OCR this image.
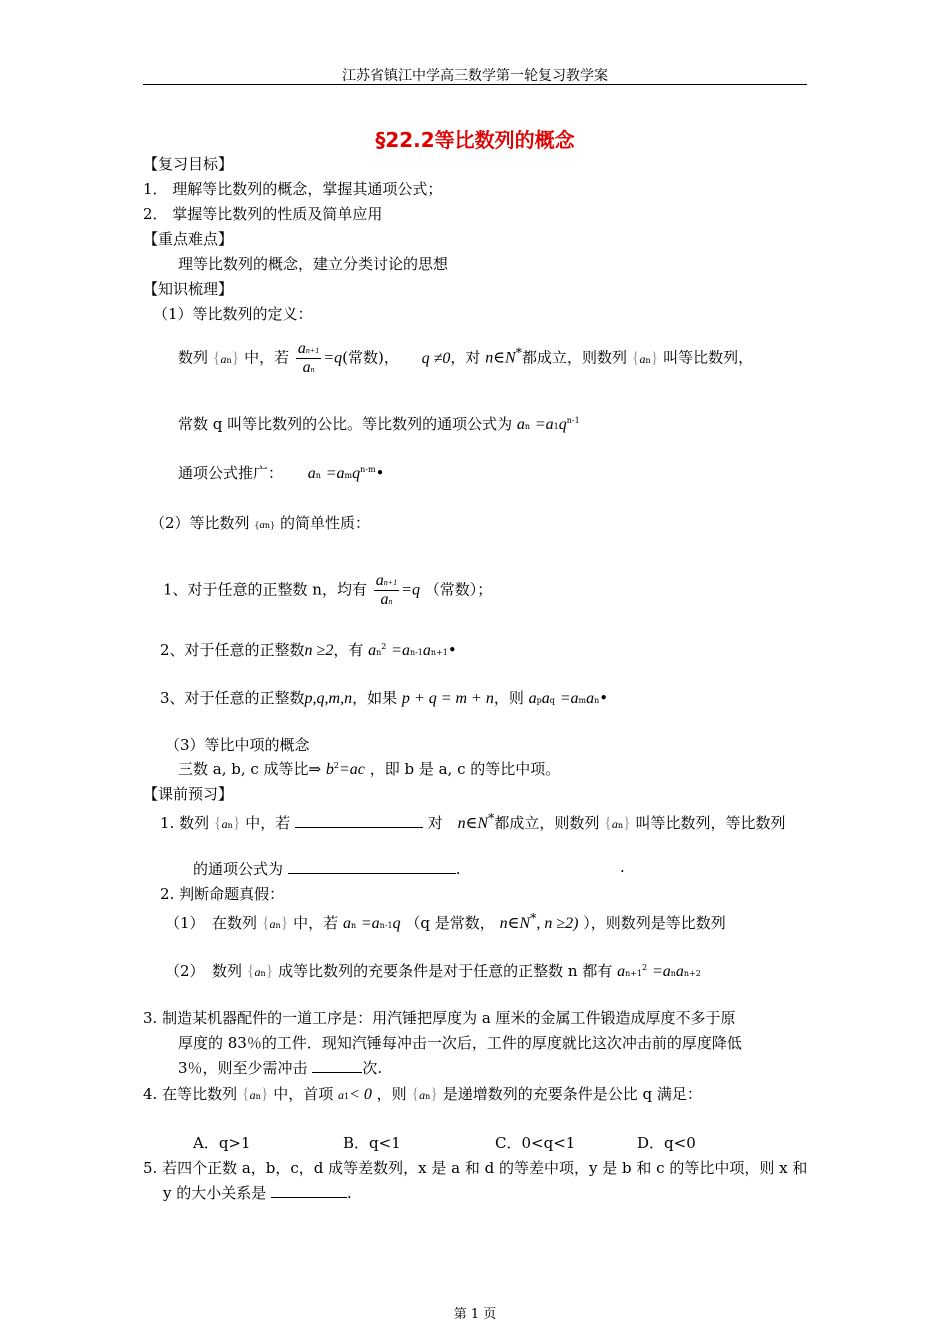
江苏省镇江中学高三数学第一轮复习教学案
§22.2等比数列的概念
【复习目标】
1． 理解等比数列的概念，掌握其通项公式；
2． 掌握等比数列的性质及简单应用
【重点难点】
理等比数列的概念，建立分类讨论的思想
【知识梳理】
（1）等比数列的定义：
数列 {an} 中，若 $\frac{an+1}{an} =q$(常数)， q ≠0，对 n∈N*都成立，则数列 {an} 叫等比数列，
常数 q 叫等比数列的公比。等比数列的通项公式为 an $=a1q^{n-1}$
通项公式推广： an =amq$^{n-m}$•
（2）等比数列 {an} 的简单性质：
1、对于任意的正整数 n，均有 $\frac{an+1}{an} =q$ （常数）；
2、对于任意的正整数n ≥2，有 $an^2$ =an-1an+1•
3、对于任意的正整数p,q,m,n，如果 p + q = m + n，则 apaq =aman•
（3）等比中项的概念
三数 a, b, c 成等比⇒ $b^2=ac$ ，即 b 是 a, c 的等比中项。
【课前预习】
1. 数列 {an} 中，若	对 n∈N*都成立，则数列 {an} 叫等比数列，等比数列
的通项公式为	.	.
2. 判断命题真假：
（1）　在数列 {an} 中，若 an =an-1q （q 是常数， n∈N*, n ≥2) ），则数列是等比数列
（2）　数列 {an} 成等比数列的充要条件是对于任意的正整数 n 都有 $an+1^2$ =anan+2
3. 制造某机器配件的一道工序是：用汽锤把厚度为 a 厘米的金属工件锻造成厚度不多于原
厚度的 83％的工件．现知汽锤每冲击一次后，工件的厚度就比这次冲击前的厚度降低
3％，则至少需冲击	次.
4. 在等比数列 {an} 中，首项 a1< 0 ，则 {an} 是递增数列的充要条件是公比 q 满足：
A．q>1	B．q<1	C．0<q<1	D．q<0
5. 若四个正数 a，b，c，d 成等差数列，x 是 a 和 d 的等差中项，y 是 b 和 c 的等比中项，则 x 和
y 的大小关系是	.
第 1 页
